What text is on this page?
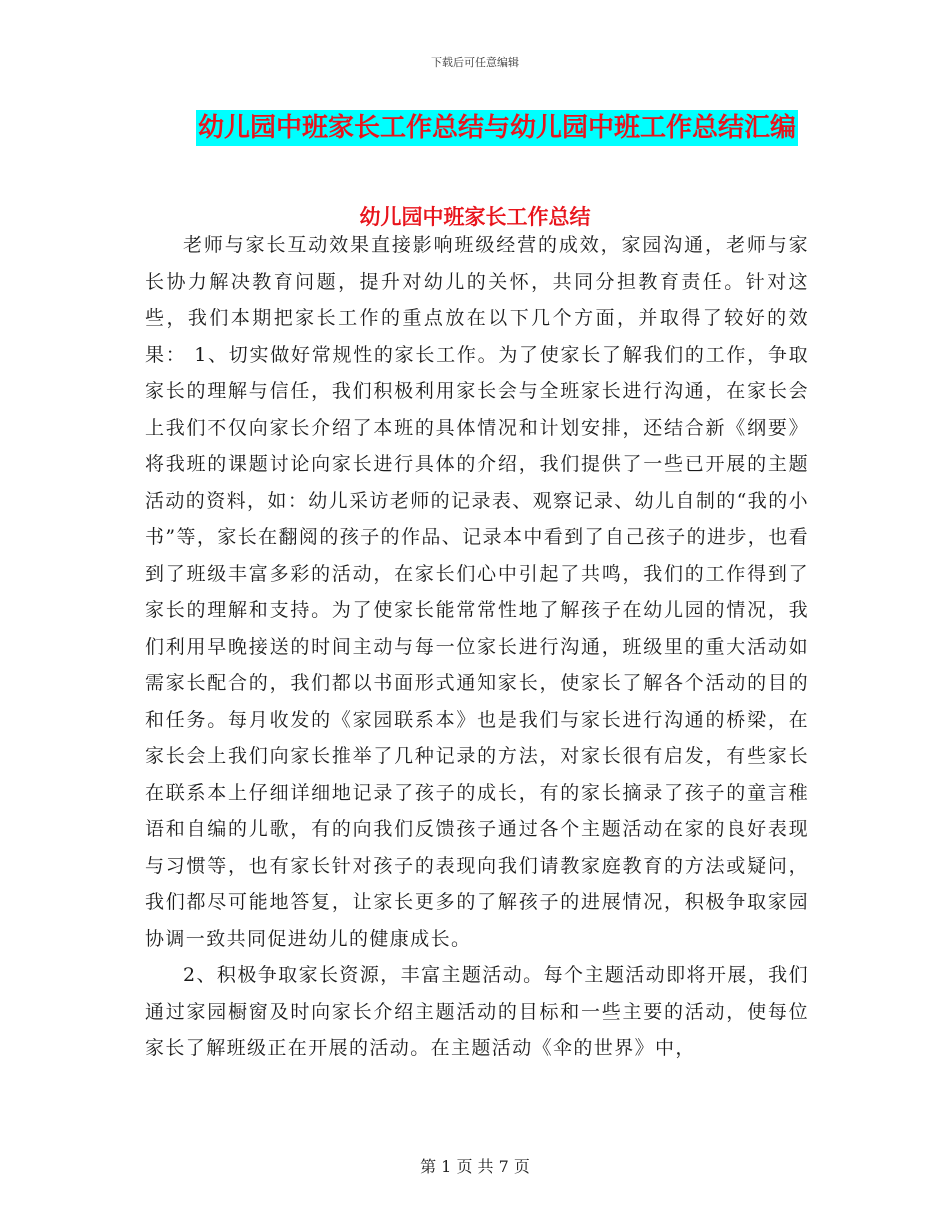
下载后可任意编辑
幼儿园中班家长工作总结与幼儿园中班工作总结汇编
幼儿园中班家长工作总结

老师与家长互动效果直接影响班级经营的成效，家园沟通，老师与家长协力解决教育问题，提升对幼儿的关怀，共同分担教育责任。针对这些，我们本期把家长工作的重点放在以下几个方面，并取得了较好的效果： 1、切实做好常规性的家长工作。为了使家长了解我们的工作，争取家长的理解与信任，我们积极利用家长会与全班家长进行沟通，在家长会上我们不仅向家长介绍了本班的具体情况和计划安排，还结合新《纲要》将我班的课题讨论向家长进行具体的介绍，我们提供了一些已开展的主题活动的资料，如：幼儿采访老师的记录表、观察记录、幼儿自制的“我的小书”等，家长在翻阅的孩子的作品、记录本中看到了自己孩子的进步，也看到了班级丰富多彩的活动，在家长们心中引起了共鸣，我们的工作得到了家长的理解和支持。为了使家长能常常性地了解孩子在幼儿园的情况，我们利用早晚接送的时间主动与每一位家长进行沟通，班级里的重大活动如需家长配合的，我们都以书面形式通知家长，使家长了解各个活动的目的和任务。每月收发的《家园联系本》也是我们与家长进行沟通的桥梁，在家长会上我们向家长推举了几种记录的方法，对家长很有启发，有些家长在联系本上仔细详细地记录了孩子的成长，有的家长摘录了孩子的童言稚语和自编的儿歌，有的向我们反馈孩子通过各个主题活动在家的良好表现与习惯等，也有家长针对孩子的表现向我们请教家庭教育的方法或疑问，我们都尽可能地答复，让家长更多的了解孩子的进展情况，积极争取家园协调一致共同促进幼儿的健康成长。

2、积极争取家长资源，丰富主题活动。每个主题活动即将开展，我们通过家园橱窗及时向家长介绍主题活动的目标和一些主要的活动，使每位家长了解班级正在开展的活动。在主题活动《伞的世界》中，

第 1 页 共 7 页
